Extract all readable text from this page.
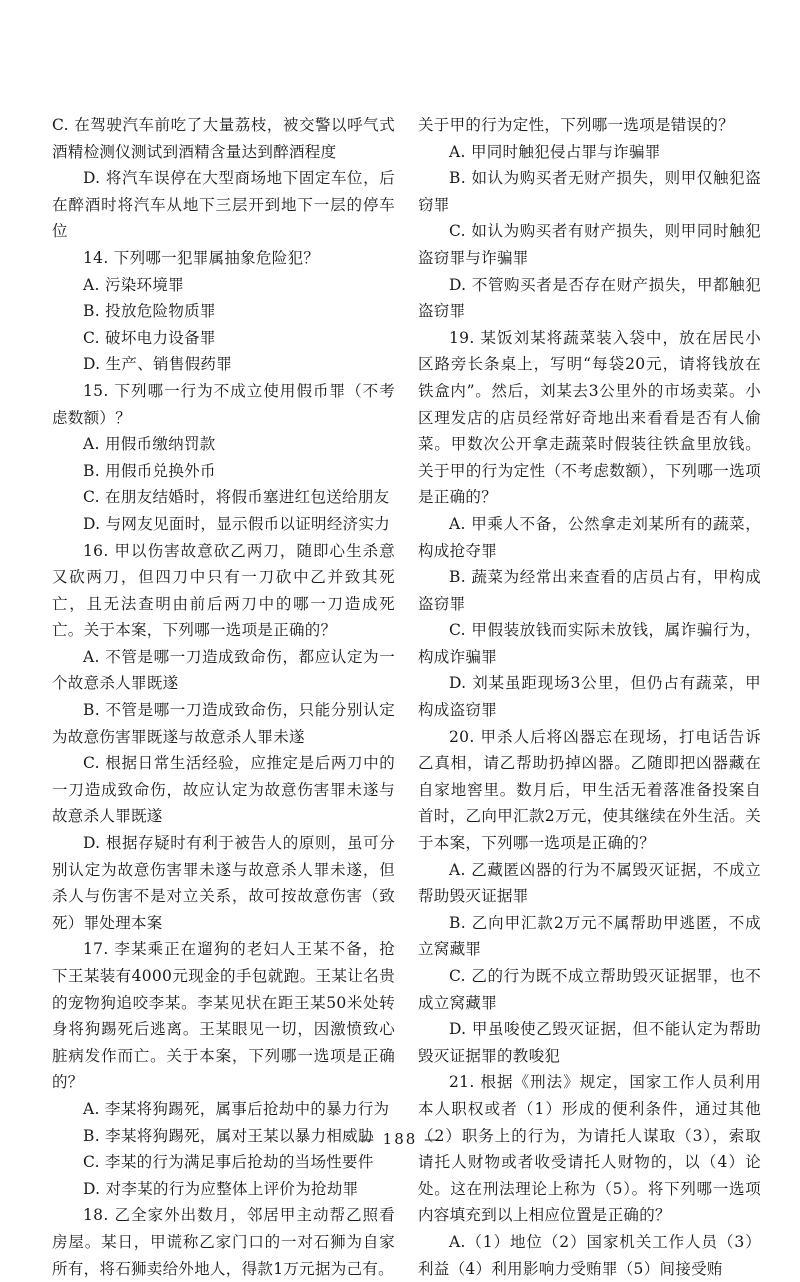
C. 在驾驶汽车前吃了大量荔枝，被交警以呼气式酒精检测仪测试到酒精含量达到醉酒程度

D. 将汽车误停在大型商场地下固定车位，后在醉酒时将汽车从地下三层开到地下一层的停车位

14. 下列哪一犯罪属抽象危险犯？

A. 污染环境罪

B. 投放危险物质罪

C. 破坏电力设备罪

D. 生产、销售假药罪

15. 下列哪一行为不成立使用假币罪（不考虑数额）？

A. 用假币缴纳罚款

B. 用假币兑换外币

C. 在朋友结婚时，将假币塞进红包送给朋友

D. 与网友见面时，显示假币以证明经济实力

16. 甲以伤害故意砍乙两刀，随即心生杀意又砍两刀，但四刀中只有一刀砍中乙并致其死亡，且无法查明由前后两刀中的哪一刀造成死亡。关于本案，下列哪一选项是正确的？

A. 不管是哪一刀造成致命伤，都应认定为一个故意杀人罪既遂

B. 不管是哪一刀造成致命伤，只能分别认定为故意伤害罪既遂与故意杀人罪未遂

C. 根据日常生活经验，应推定是后两刀中的一刀造成致命伤，故应认定为故意伤害罪未遂与故意杀人罪既遂

D. 根据存疑时有利于被告人的原则，虽可分别认定为故意伤害罪未遂与故意杀人罪未遂，但杀人与伤害不是对立关系，故可按故意伤害（致死）罪处理本案

17. 李某乘正在遛狗的老妇人王某不备，抢下王某装有4000元现金的手包就跑。王某让名贵的宠物狗追咬李某。李某见状在距王某50米处转身将狗踢死后逃离。王某眼见一切，因激愤致心脏病发作而亡。关于本案，下列哪一选项是正确的？

A. 李某将狗踢死，属事后抢劫中的暴力行为

B. 李某将狗踢死，属对王某以暴力相威胁

C. 李某的行为满足事后抢劫的当场性要件

D. 对李某的行为应整体上评价为抢劫罪

18. 乙全家外出数月，邻居甲主动帮乙照看房屋。某日，甲谎称乙家门口的一对石狮为自家所有，将石狮卖给外地人，得款1万元据为己有。

关于甲的行为定性，下列哪一选项是错误的？

A. 甲同时触犯侵占罪与诈骗罪

B. 如认为购买者无财产损失，则甲仅触犯盗窃罪

C. 如认为购买者有财产损失，则甲同时触犯盗窃罪与诈骗罪

D. 不管购买者是否存在财产损失，甲都触犯盗窃罪

19. 某饭刘某将蔬菜装入袋中，放在居民小区路旁长条桌上，写明“每袋20元，请将钱放在铁盒内”。然后，刘某去3公里外的市场卖菜。小区理发店的店员经常好奇地出来看看是否有人偷菜。甲数次公开拿走蔬菜时假装往铁盒里放钱。关于甲的行为定性（不考虑数额），下列哪一选项是正确的？

A. 甲乘人不备，公然拿走刘某所有的蔬菜，构成抢夺罪

B. 蔬菜为经常出来查看的店员占有，甲构成盗窃罪

C. 甲假装放钱而实际未放钱，属诈骗行为，构成诈骗罪

D. 刘某虽距现场3公里，但仍占有蔬菜，甲构成盗窃罪

20. 甲杀人后将凶器忘在现场，打电话告诉乙真相，请乙帮助扔掉凶器。乙随即把凶器藏在自家地窖里。数月后，甲生活无着落准备投案自首时，乙向甲汇款2万元，使其继续在外生活。关于本案，下列哪一选项是正确的？

A. 乙藏匿凶器的行为不属毁灭证据，不成立帮助毁灭证据罪

B. 乙向甲汇款2万元不属帮助甲逃匿，不成立窝藏罪

C. 乙的行为既不成立帮助毁灭证据罪，也不成立窝藏罪

D. 甲虽唆使乙毁灭证据，但不能认定为帮助毁灭证据罪的教唆犯

21. 根据《刑法》规定，国家工作人员利用本人职权或者（1）形成的便利条件，通过其他（2）职务上的行为，为请托人谋取（3），索取请托人财物或者收受请托人财物的，以（4）论处。这在刑法理论上称为（5）。将下列哪一选项内容填充到以上相应位置是正确的？

A.（1）地位（2）国家机关工作人员（3）利益（4）利用影响力受贿罪（5）间接受贿

— 188 —
